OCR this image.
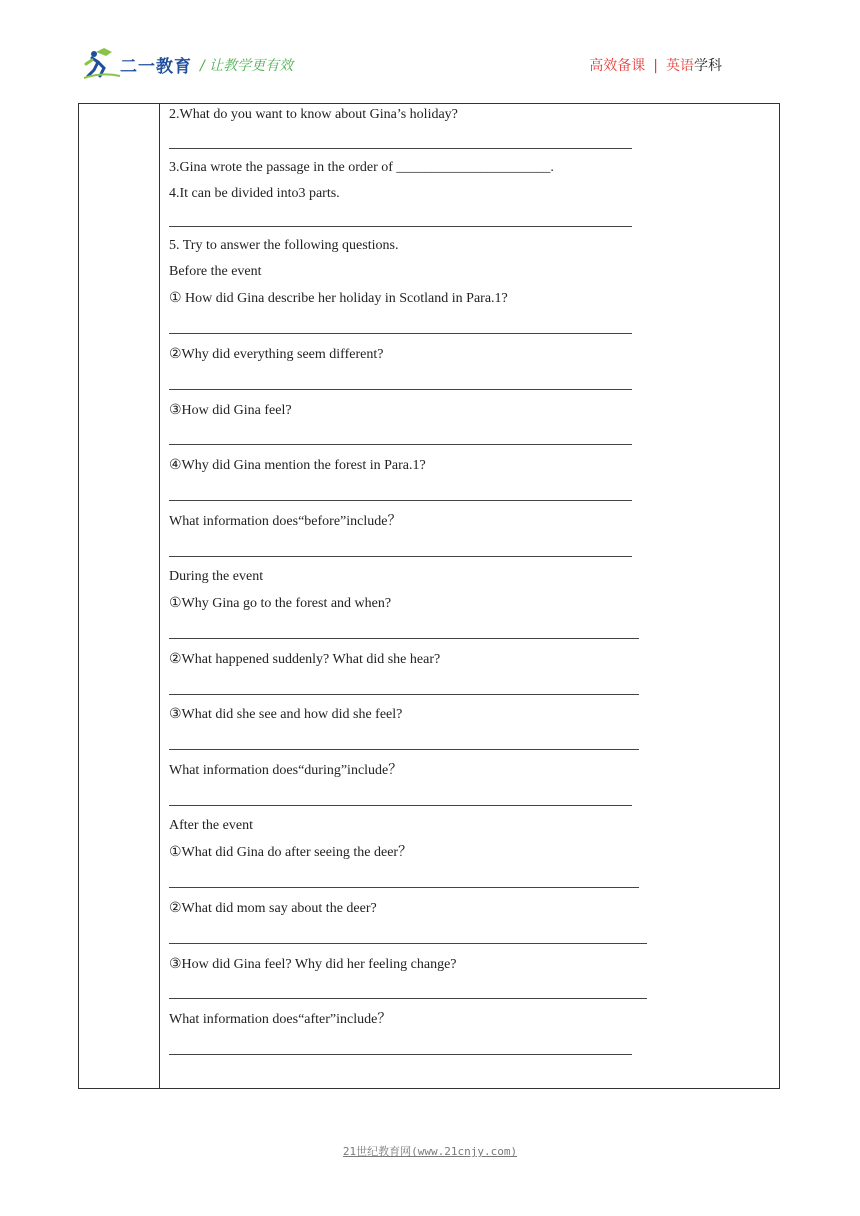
二一教育 / 让教学更有效	高效备课 | 英语学科
2.What do you want to know about Gina’s holiday?
3.Gina wrote the passage in the order of ______________________.
4.It can be divided into3 parts.
5. Try to answer the following questions.
Before the event
① How did Gina describe her holiday in Scotland in Para.1?
②Why did everything seem different?
③How did Gina feel?
④Why did Gina mention the forest in Para.1?
What information does“before”include？
During the event
①Why Gina go to the forest and when?
②What happened suddenly? What did she hear?
③What did she see and how did she feel?
What information does“during”include？
After the event
①What did Gina do after seeing the deer？
②What did mom say about the deer?
③How did Gina feel? Why did her feeling change?
What information does“after”include？
21世纪教育网(www.21cnjy.com)
